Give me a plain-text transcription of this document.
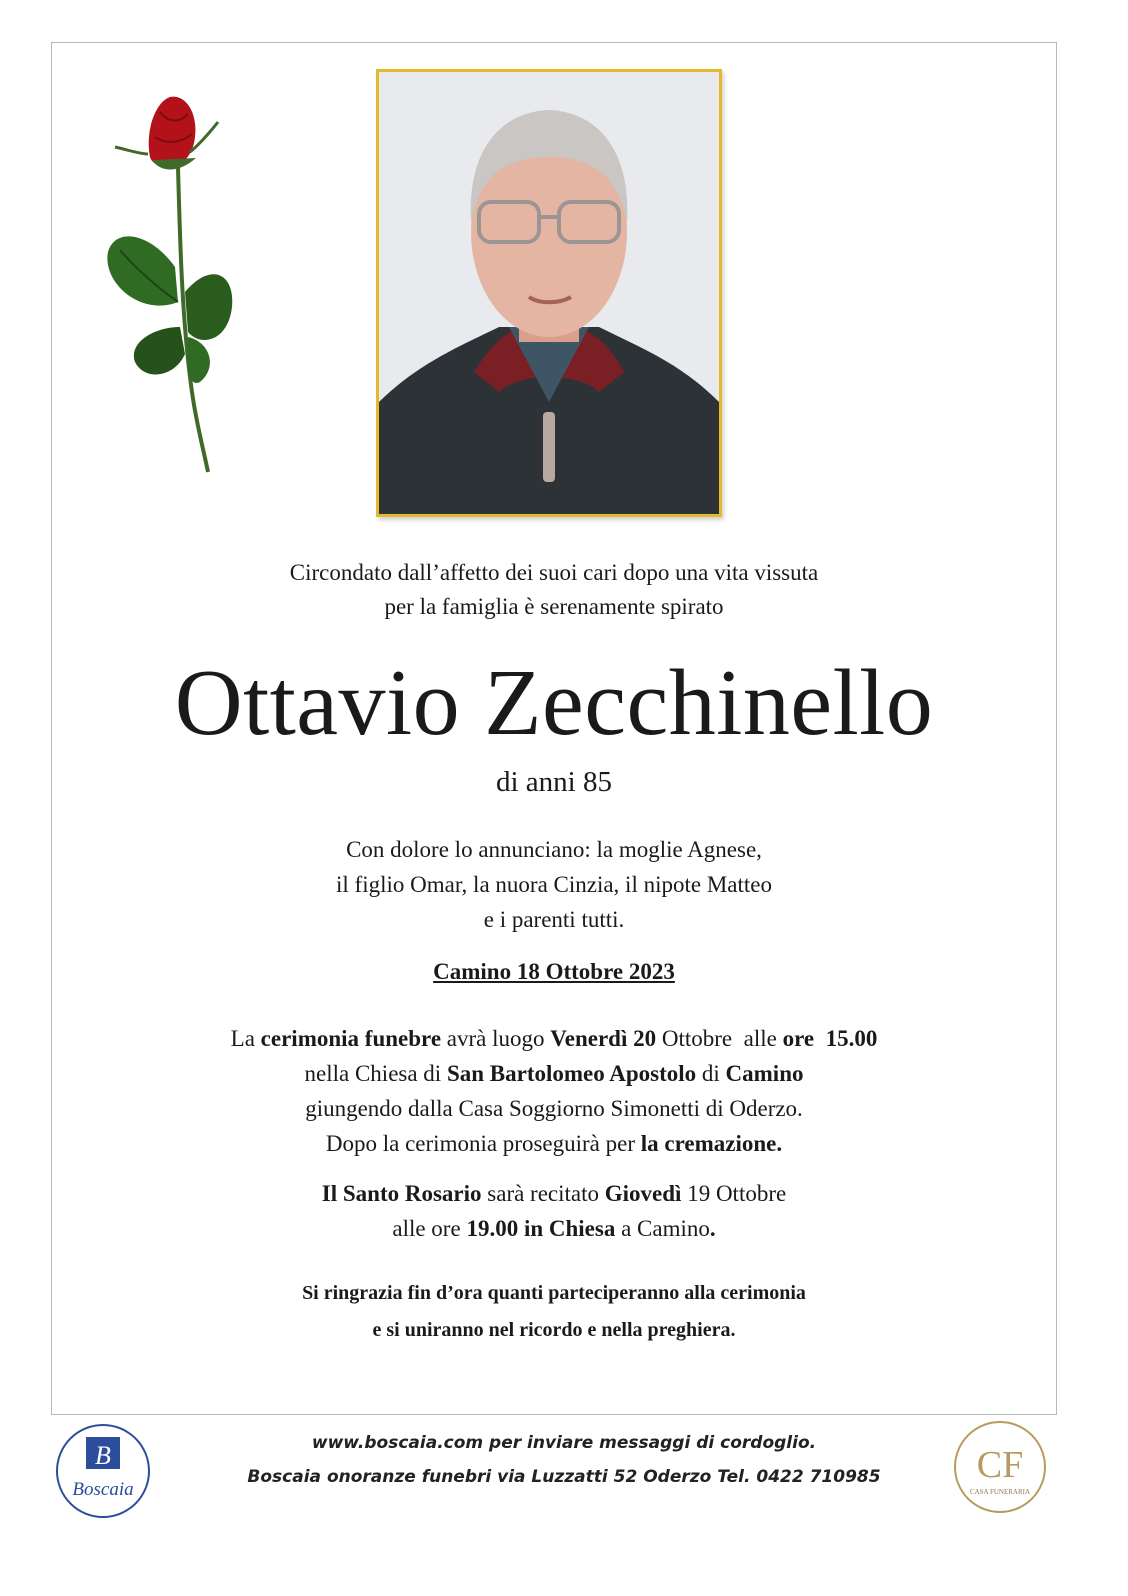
Circondato dall’affetto dei suoi cari dopo una vita vissuta
per la famiglia è serenamente spirato
Ottavio Zecchinello
di anni 85
Con dolore lo annunciano: la moglie Agnese,
il figlio Omar, la nuora Cinzia, il nipote Matteo
e i parenti tutti.
Camino 18 Ottobre 2023
La cerimonia funebre avrà luogo Venerdì 20 Ottobre  alle ore  15.00
nella Chiesa di San Bartolomeo Apostolo di Camino
giungendo dalla Casa Soggiorno Simonetti di Oderzo.
Dopo la cerimonia proseguirà per la cremazione.
Il Santo Rosario sarà recitato Giovedì 19 Ottobre
alle ore 19.00 in Chiesa a Camino.
Si ringrazia fin d’ora quanti parteciperanno alla cerimonia
e si uniranno nel ricordo e nella preghiera.
B
Boscaia
www.boscaia.com per inviare messaggi di cordoglio.
Boscaia onoranze funebri via Luzzatti 52 Oderzo Tel. 0422 710985	CF
CASA FUNERARIA
